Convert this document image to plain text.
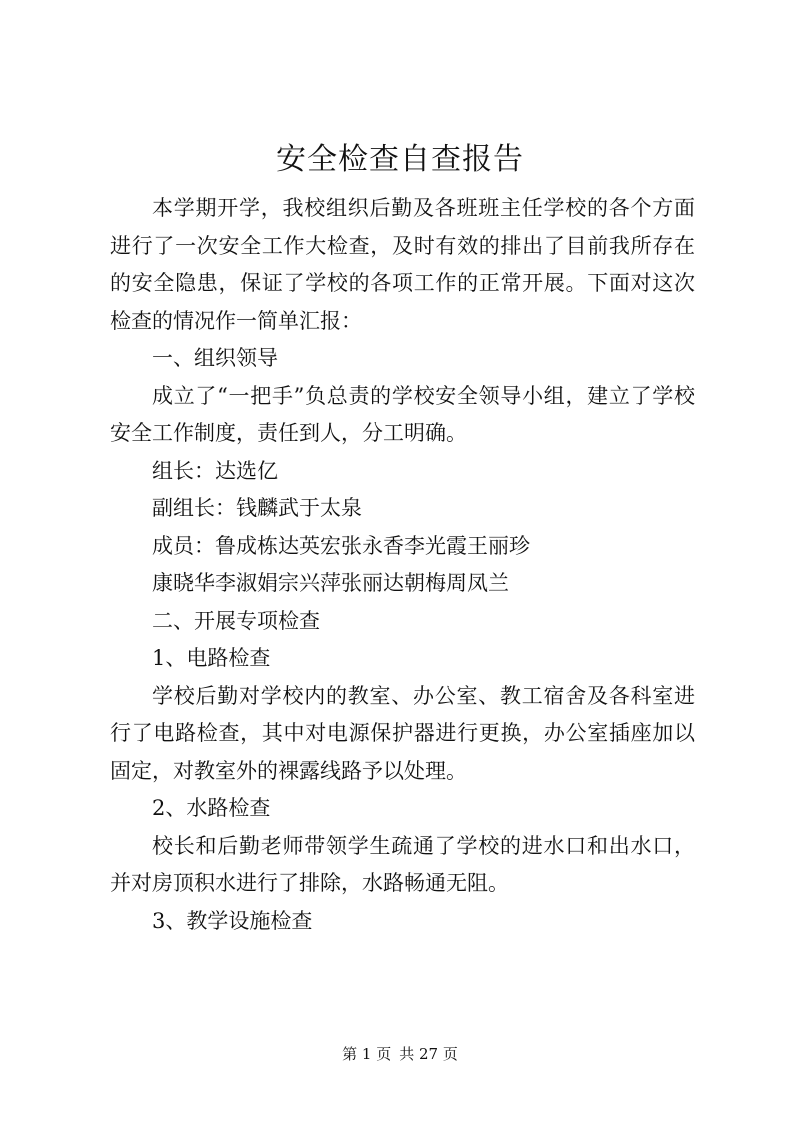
安全检查自查报告

本学期开学，我校组织后勤及各班班主任学校的各个方面进行了一次安全工作大检查，及时有效的排出了目前我所存在的安全隐患，保证了学校的各项工作的正常开展。下面对这次检查的情况作一简单汇报：

一、组织领导

成立了“一把手”负总责的学校安全领导小组，建立了学校安全工作制度，责任到人，分工明确。

组长：达选亿

副组长：钱麟武于太泉

成员：鲁成栋达英宏张永香李光霞王丽珍

康晓华李淑娟宗兴萍张丽达朝梅周凤兰

二、开展专项检查

1、电路检查

学校后勤对学校内的教室、办公室、教工宿舍及各科室进行了电路检查，其中对电源保护器进行更换，办公室插座加以固定，对教室外的裸露线路予以处理。

2、水路检查

校长和后勤老师带领学生疏通了学校的进水口和出水口，并对房顶积水进行了排除，水路畅通无阻。

3、教学设施检查

第 1 页 共 27 页
